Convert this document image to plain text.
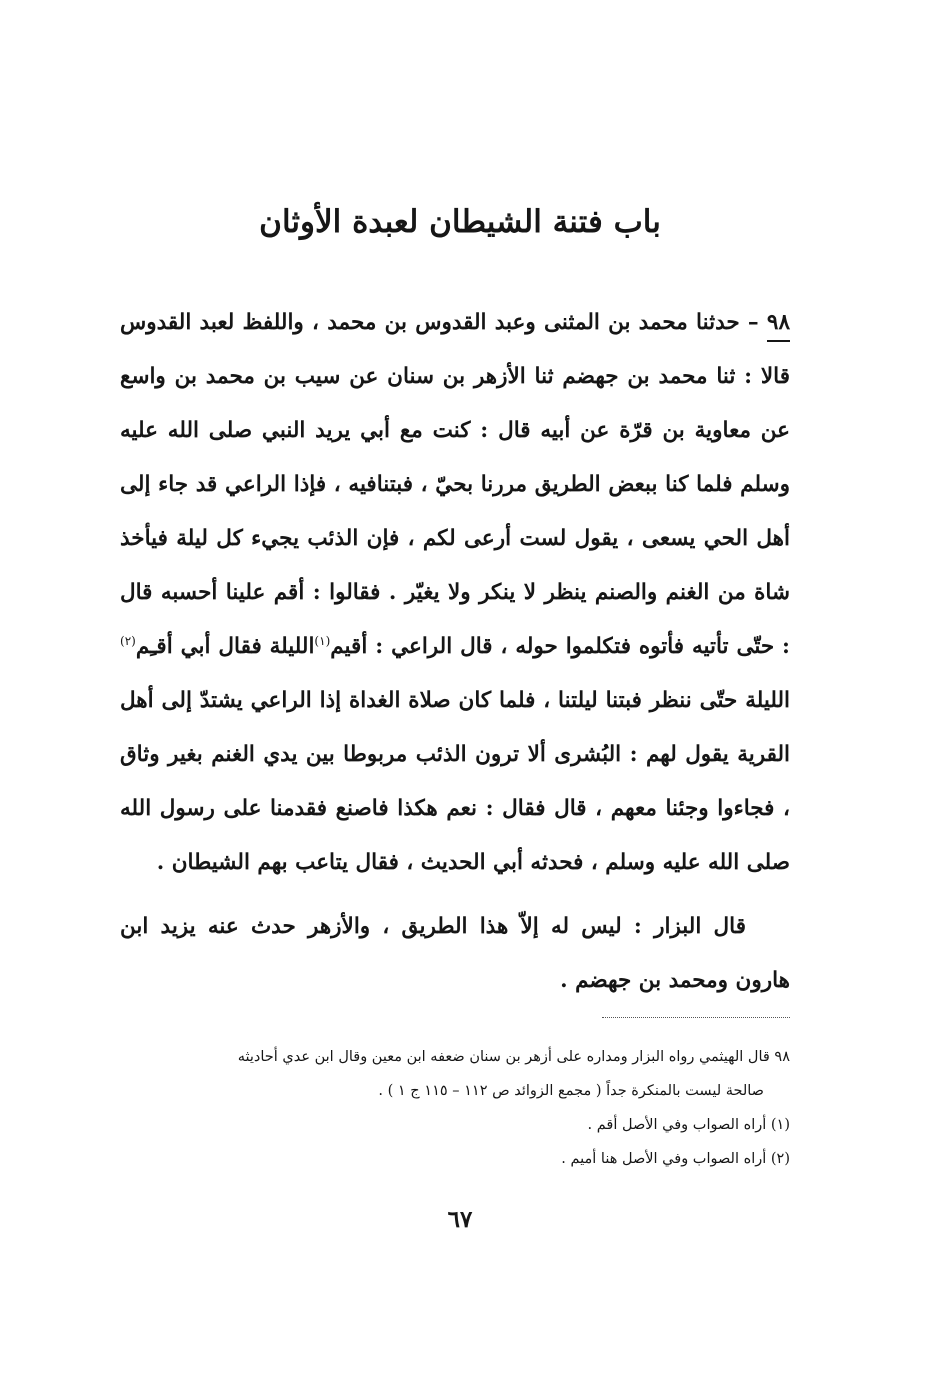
باب فتنة الشيطان لعبدة الأوثان

٩٨ – حدثنا محمد بن المثنى وعبد القدوس بن محمد ، واللفظ لعبد القدوس قالا : ثنا محمد بن جهضم ثنا الأزهر بن سنان عن سيب بن محمد بن واسع عن معاوية بن قرّة عن أبيه قال : كنت مع أبي يريد النبي صلى الله عليه وسلم فلما كنا ببعض الطريق مررنا بحيّ ، فبتنافيه ، فإذا الراعي قد جاء إلى أهل الحي يسعى ، يقول لست أرعى لكم ، فإن الذئب يجيء كل ليلة فيأخذ شاة من الغنم والصنم ينظر لا ينكر ولا يغيّر . فقالوا : أقم علينا أحسبه قال : حتّى تأتيه فأتوه فتكلموا حوله ، قال الراعي : أقيم$^{(١)}$الليلة فقال أبي أقـِم$^{(٢)}$ الليلة حتّى ننظر فبتنا ليلتنا ، فلما كان صلاة الغداة إذا الراعي يشتدّ إلى أهل القرية يقول لهم : البُشرى ألا ترون الذئب مربوطا بين يدي الغنم بغير وثاق ، فجاءوا وجئنا معهم ، قال فقال : نعم هكذا فاصنع فقدمنا على رسول الله صلى الله عليه وسلم ، فحدثه أبي الحديث ، فقال يتاعب بهم الشيطان .

قال البزار : ليس له إلاّ هذا الطريق ، والأزهر حدث عنه يزيد ابن هارون ومحمد بن جهضم .

٩٨ قال الهيثمي رواه البزار ومداره على أزهر بن سنان ضعفه ابن معين وقال ابن عدي أحاديثه

صالحة ليست بالمنكرة جداً ( مجمع الزوائد ص ١١٢ – ١١٥ ج ١ ) .

(١) أراه الصواب وفي الأصل أقم .

(٢) أراه الصواب وفي الأصل هنا أميم .

٦٧
